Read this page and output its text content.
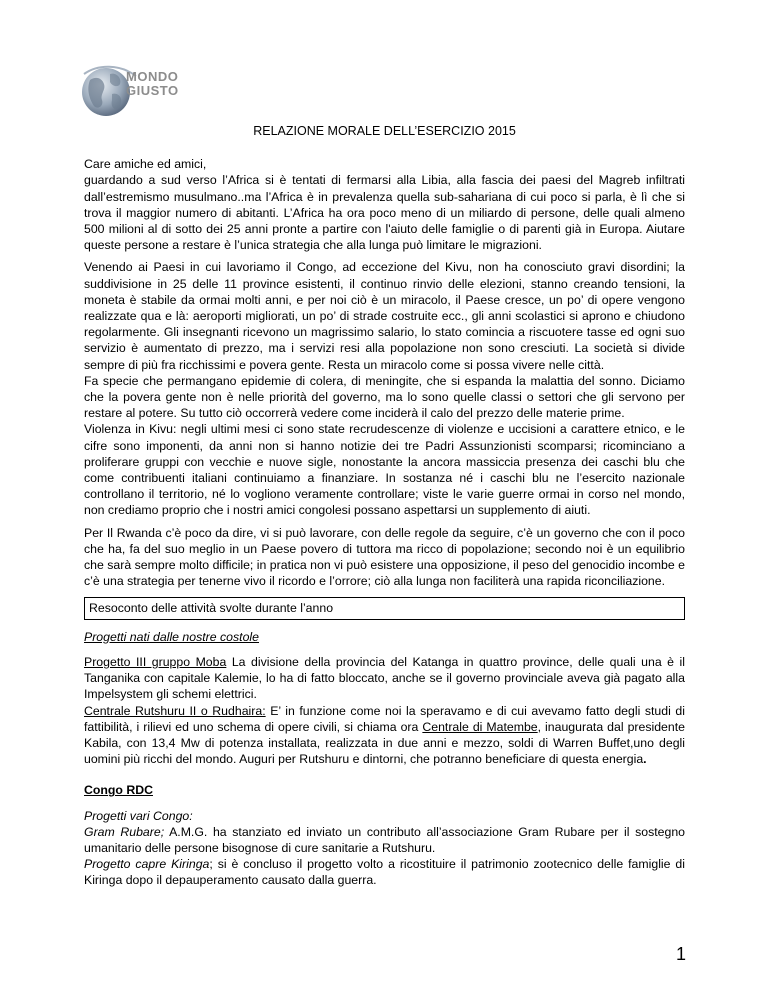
MONDO
GIUSTO
RELAZIONE MORALE DELL’ESERCIZIO 2015

Care amiche ed amici,

guardando a sud verso l’Africa si è tentati di fermarsi alla Libia, alla fascia dei paesi del Magreb infiltrati dall’estremismo musulmano..ma l’Africa è in prevalenza quella sub-sahariana di cui poco si parla, è lì che si trova il maggior numero di abitanti. L’Africa ha ora poco meno di un miliardo di persone, delle quali almeno 500 milioni al di sotto dei 25 anni pronte a partire con l'aiuto delle famiglie o di parenti già in Europa. Aiutare queste persone a restare è l’unica strategia che alla lunga può limitare le migrazioni.

Venendo ai Paesi in cui lavoriamo il Congo, ad eccezione del Kivu, non ha conosciuto gravi disordini; la suddivisione in 25 delle 11 province esistenti, il continuo rinvio delle elezioni, stanno creando tensioni, la moneta è stabile da ormai molti anni, e per noi ciò è un miracolo, il Paese cresce, un po’ di opere vengono realizzate qua e là: aeroporti migliorati, un po’ di strade costruite ecc., gli anni scolastici si aprono e chiudono regolarmente. Gli insegnanti ricevono un magrissimo salario, lo stato comincia a riscuotere tasse ed ogni suo servizio è aumentato di prezzo, ma i servizi resi alla popolazione non sono cresciuti. La società si divide sempre di più fra ricchissimi e povera gente. Resta un miracolo come si possa vivere nelle città.

Fa specie che permangano epidemie di colera, di meningite, che si espanda la malattia del sonno. Diciamo che la povera gente non è nelle priorità del governo, ma lo sono quelle classi o settori che gli servono per restare al potere. Su tutto ciò occorrerà vedere come inciderà il calo del prezzo delle materie prime.

Violenza in Kivu: negli ultimi mesi ci sono state recrudescenze di violenze e uccisioni a carattere etnico, e le cifre sono imponenti, da anni non si hanno notizie dei tre Padri Assunzionisti scomparsi; ricominciano a proliferare gruppi con vecchie e nuove sigle, nonostante la ancora massiccia presenza dei caschi blu che come contribuenti italiani continuiamo a finanziare. In sostanza né i caschi blu ne l’esercito nazionale controllano il territorio, né lo vogliono veramente controllare; viste le varie guerre ormai in corso nel mondo, non crediamo proprio che i nostri amici congolesi possano aspettarsi un supplemento di aiuti.

Per Il Rwanda c’è poco da dire, vi si può lavorare, con delle regole da seguire, c’è un governo che con il poco che ha, fa del suo meglio in un Paese povero di tuttora ma ricco di popolazione; secondo noi è un equilibrio che sarà sempre molto difficile; in pratica non vi può esistere una opposizione, il peso del genocidio incombe e c’è una strategia per tenerne vivo il ricordo e l’orrore; ciò alla lunga non faciliterà una rapida riconciliazione.

Resoconto delle attività svolte durante l’anno

Progetti nati dalle nostre costole

Progetto III gruppo Moba La divisione della provincia del Katanga in quattro province, delle quali una è il Tanganika con capitale Kalemie, lo ha di fatto bloccato, anche se il governo provinciale aveva già pagato alla Impelsystem gli schemi elettrici.

Centrale Rutshuru II o Rudhaira: E’ in funzione come noi la speravamo e di cui avevamo fatto degli studi di fattibilità, i rilievi ed uno schema di opere civili, si chiama ora Centrale di Matembe, inaugurata dal presidente Kabila, con 13,4 Mw di potenza installata, realizzata in due anni e mezzo, soldi di Warren Buffet,uno degli uomini più ricchi del mondo. Auguri per Rutshuru e dintorni, che potranno beneficiare di questa energia.

Congo RDC

Progetti vari Congo:

Gram Rubare; A.M.G. ha stanziato ed inviato un contributo all’associazione Gram Rubare per il sostegno umanitario delle persone bisognose di cure sanitarie a Rutshuru.

Progetto capre Kiringa; si è concluso il progetto volto a ricostituire il patrimonio zootecnico delle famiglie di Kiringa dopo il depauperamento causato dalla guerra.

1
